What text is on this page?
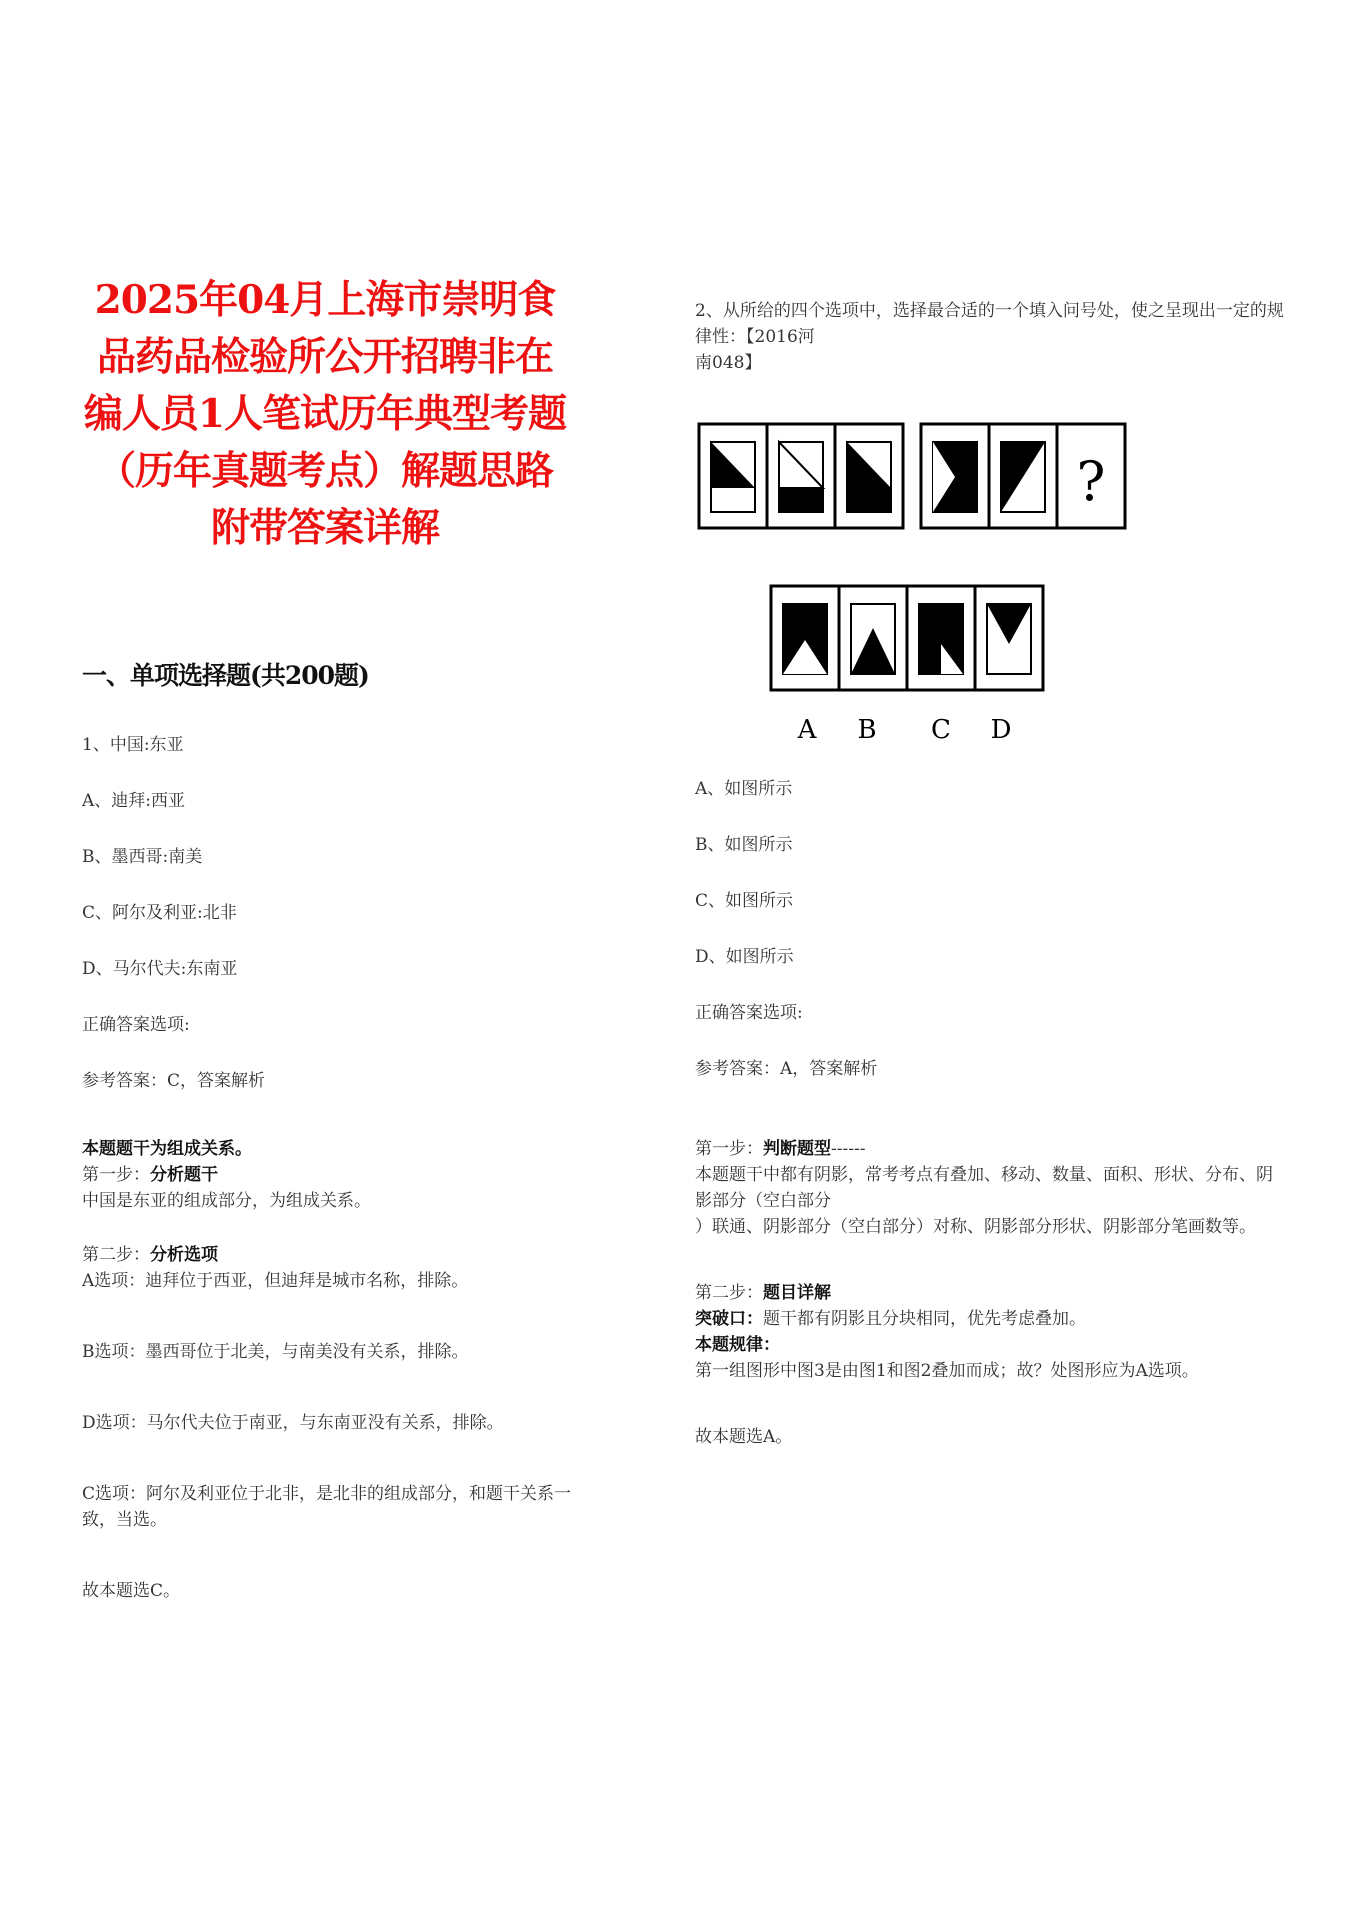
2025年04月上海市崇明食品药品检验所公开招聘非在编人员1人笔试历年典型考题（历年真题考点）解题思路附带答案详解
一、单项选择题(共200题)

1、中国:东亚

A、迪拜:西亚

B、墨西哥:南美

C、阿尔及利亚:北非

D、马尔代夫:东南亚

正确答案选项:

参考答案：C，答案解析

本题题干为组成关系。

第一步：分析题干

中国是东亚的组成部分，为组成关系。

第二步：分析选项

A选项：迪拜位于西亚，但迪拜是城市名称，排除。

B选项：墨西哥位于北美，与南美没有关系，排除。

D选项：马尔代夫位于南亚，与东南亚没有关系，排除。

C选项：阿尔及利亚位于北非，是北非的组成部分，和题干关系一致，当选。

故本题选C。

2、从所给的四个选项中，选择最合适的一个填入问号处，使之呈现出一定的规律性：【2016河

南048】

?
A B C D

A、如图所示

B、如图所示

C、如图所示

D、如图所示

正确答案选项:

参考答案：A，答案解析

第一步：判断题型------

本题题干中都有阴影，常考考点有叠加、移动、数量、面积、形状、分布、阴影部分（空白部分

）联通、阴影部分（空白部分）对称、阴影部分形状、阴影部分笔画数等。

第二步：题目详解

突破口：题干都有阴影且分块相同，优先考虑叠加。

本题规律：

第一组图形中图3是由图1和图2叠加而成；故？处图形应为A选项。

故本题选A。
